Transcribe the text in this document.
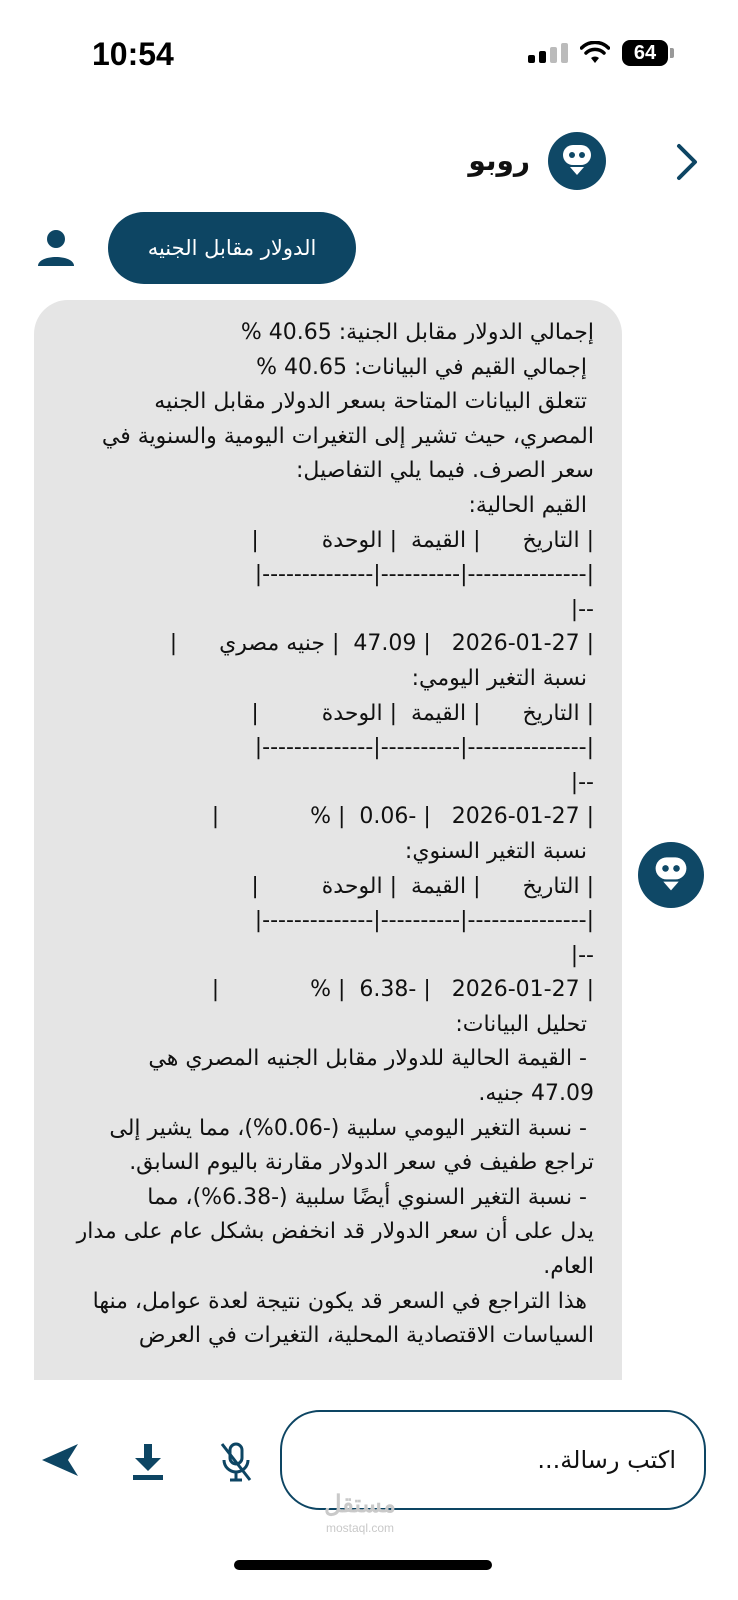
10:54	64
روبو
الدولار مقابل الجنيه
إجمالي الدولار مقابل الجنية: 40.65 %
إجمالي القيم في البيانات: 40.65 %
تتعلق البيانات المتاحة بسعر الدولار مقابل الجنيه
المصري، حيث تشير إلى التغيرات اليومية والسنوية في
سعر الصرف. فيما يلي التفاصيل:
القيم الحالية:
| التاريخ      | القيمة  | الوحدة         |
|---------------|----------|--------------|
--|
| 2026-01-27   | 47.09  | جنيه مصري      |
نسبة التغير اليومي:
| التاريخ      | القيمة  | الوحدة         |
|---------------|----------|--------------|
--|
| 2026-01-27   | -0.06  | %             |
نسبة التغير السنوي:
| التاريخ      | القيمة  | الوحدة         |
|---------------|----------|--------------|
--|
| 2026-01-27   | -6.38  | %             |
تحليل البيانات:
- القيمة الحالية للدولار مقابل الجنيه المصري هي
47.09 جنيه.
- نسبة التغير اليومي سلبية (-0.06%)، مما يشير إلى
تراجع طفيف في سعر الدولار مقارنة باليوم السابق.
- نسبة التغير السنوي أيضًا سلبية (-6.38%)، مما
يدل على أن سعر الدولار قد انخفض بشكل عام على مدار
العام.
هذا التراجع في السعر قد يكون نتيجة لعدة عوامل، منها
السياسات الاقتصادية المحلية، التغيرات في العرض
اكتب رسالة...
مستقل
mostaql.com
